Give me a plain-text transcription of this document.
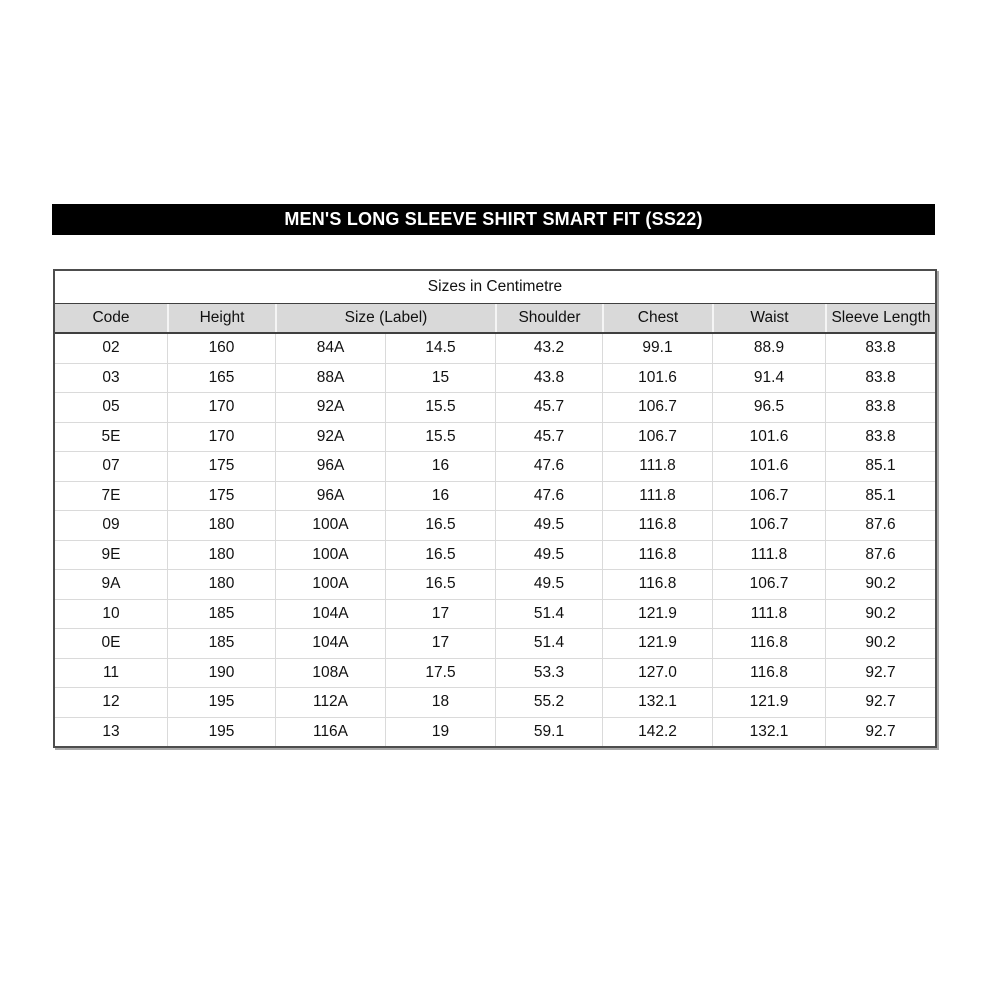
MEN'S LONG SLEEVE SHIRT SMART FIT (SS22)
Sizes in Centimetre
Code	Height	Size (Label)	Shoulder	Chest	Waist	Sleeve Length
02	160	84A	14.5	43.2	99.1	88.9	83.8
03	165	88A	15	43.8	101.6	91.4	83.8
05	170	92A	15.5	45.7	106.7	96.5	83.8
5E	170	92A	15.5	45.7	106.7	101.6	83.8
07	175	96A	16	47.6	111.8	101.6	85.1
7E	175	96A	16	47.6	111.8	106.7	85.1
09	180	100A	16.5	49.5	116.8	106.7	87.6
9E	180	100A	16.5	49.5	116.8	111.8	87.6
9A	180	100A	16.5	49.5	116.8	106.7	90.2
10	185	104A	17	51.4	121.9	111.8	90.2
0E	185	104A	17	51.4	121.9	116.8	90.2
11	190	108A	17.5	53.3	127.0	116.8	92.7
12	195	112A	18	55.2	132.1	121.9	92.7
13	195	116A	19	59.1	142.2	132.1	92.7
